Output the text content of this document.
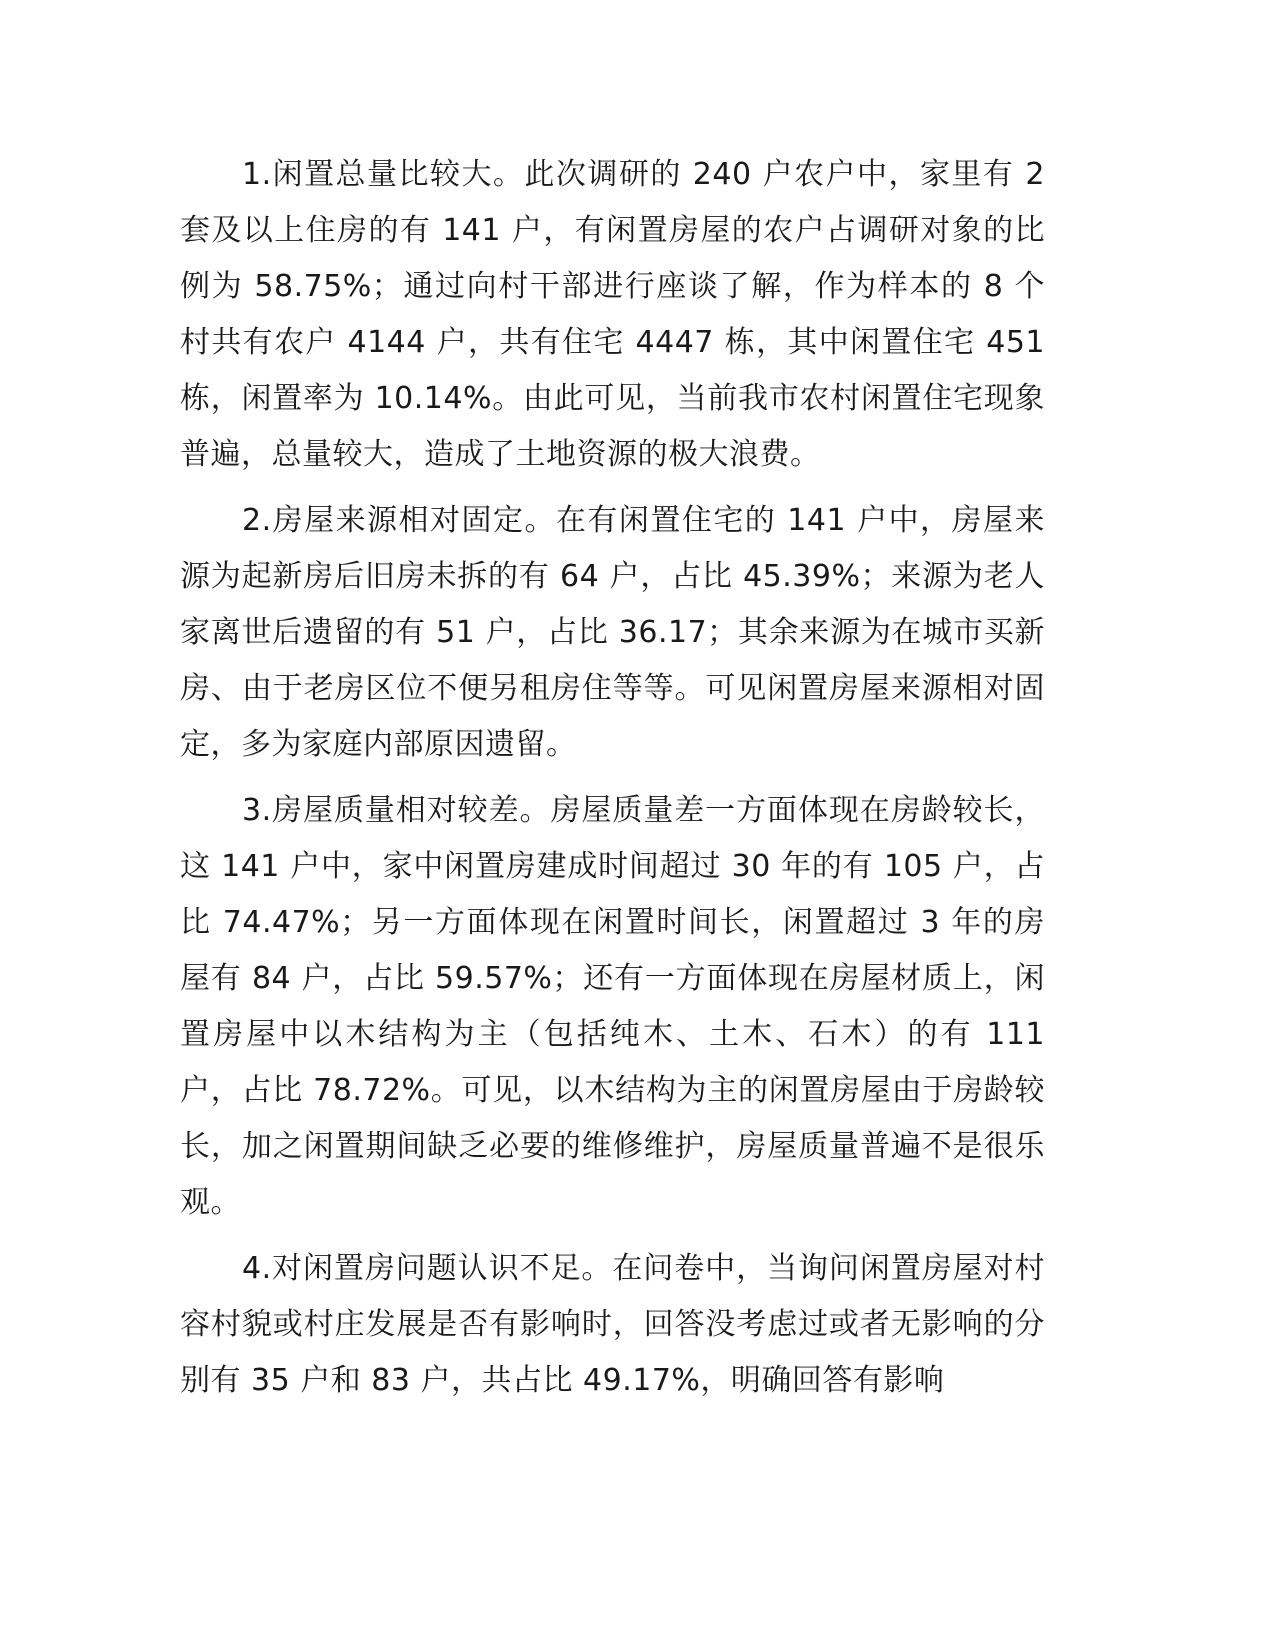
1.闲置总量比较大。此次调研的 240 户农户中，家里有 2 套及以上住房的有 141 户，有闲置房屋的农户占调研对象的比例为 58.75%；通过向村干部进行座谈了解，作为样本的 8 个村共有农户 4144 户，共有住宅 4447 栋，其中闲置住宅 451 栋，闲置率为 10.14%。由此可见，当前我市农村闲置住宅现象普遍，总量较大，造成了土地资源的极大浪费。

2.房屋来源相对固定。在有闲置住宅的 141 户中，房屋来源为起新房后旧房未拆的有 64 户，占比 45.39%；来源为老人家离世后遗留的有 51 户，占比 36.17；其余来源为在城市买新房、由于老房区位不便另租房住等等。可见闲置房屋来源相对固定，多为家庭内部原因遗留。

3.房屋质量相对较差。房屋质量差一方面体现在房龄较长，这 141 户中，家中闲置房建成时间超过 30 年的有 105 户，占比 74.47%；另一方面体现在闲置时间长，闲置超过 3 年的房屋有 84 户，占比 59.57%；还有一方面体现在房屋材质上，闲置房屋中以木结构为主（包括纯木、土木、石木）的有 111 户，占比 78.72%。可见，以木结构为主的闲置房屋由于房龄较长，加之闲置期间缺乏必要的维修维护，房屋质量普遍不是很乐观。

4.对闲置房问题认识不足。在问卷中，当询问闲置房屋对村容村貌或村庄发展是否有影响时，回答没考虑过或者无影响的分别有 35 户和 83 户，共占比 49.17%，明确回答有影响
